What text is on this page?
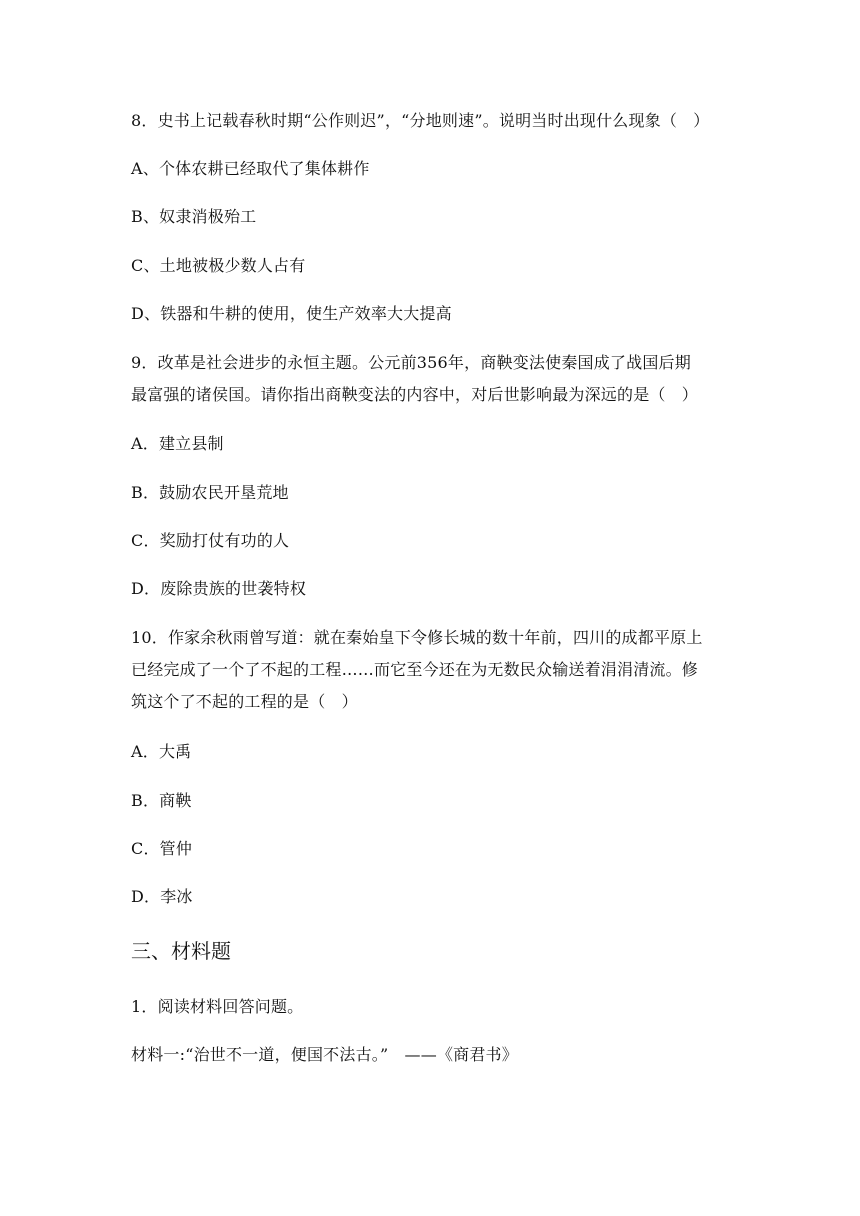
8．史书上记载春秋时期“公作则迟”，“分地则速”。说明当时出现什么现象（　）
A、个体农耕已经取代了集体耕作
B、奴隶消极殆工
C、土地被极少数人占有
D、铁器和牛耕的使用，使生产效率大大提高
9．改革是社会进步的永恒主题。公元前356年，商鞅变法使秦国成了战国后期
最富强的诸侯国。请你指出商鞅变法的内容中，对后世影响最为深远的是（　）
A．建立县制
B．鼓励农民开垦荒地
C．奖励打仗有功的人
D．废除贵族的世袭特权
10．作家余秋雨曾写道：就在秦始皇下令修长城的数十年前，四川的成都平原上
已经完成了一个了不起的工程……而它至今还在为无数民众输送着涓涓清流。修
筑这个了不起的工程的是（　）
A．大禹
B．商鞅
C．管仲
D．李冰
三、材料题
1．阅读材料回答问题。
材料一:“治世不一道，便国不法古。”　——《商君书》
